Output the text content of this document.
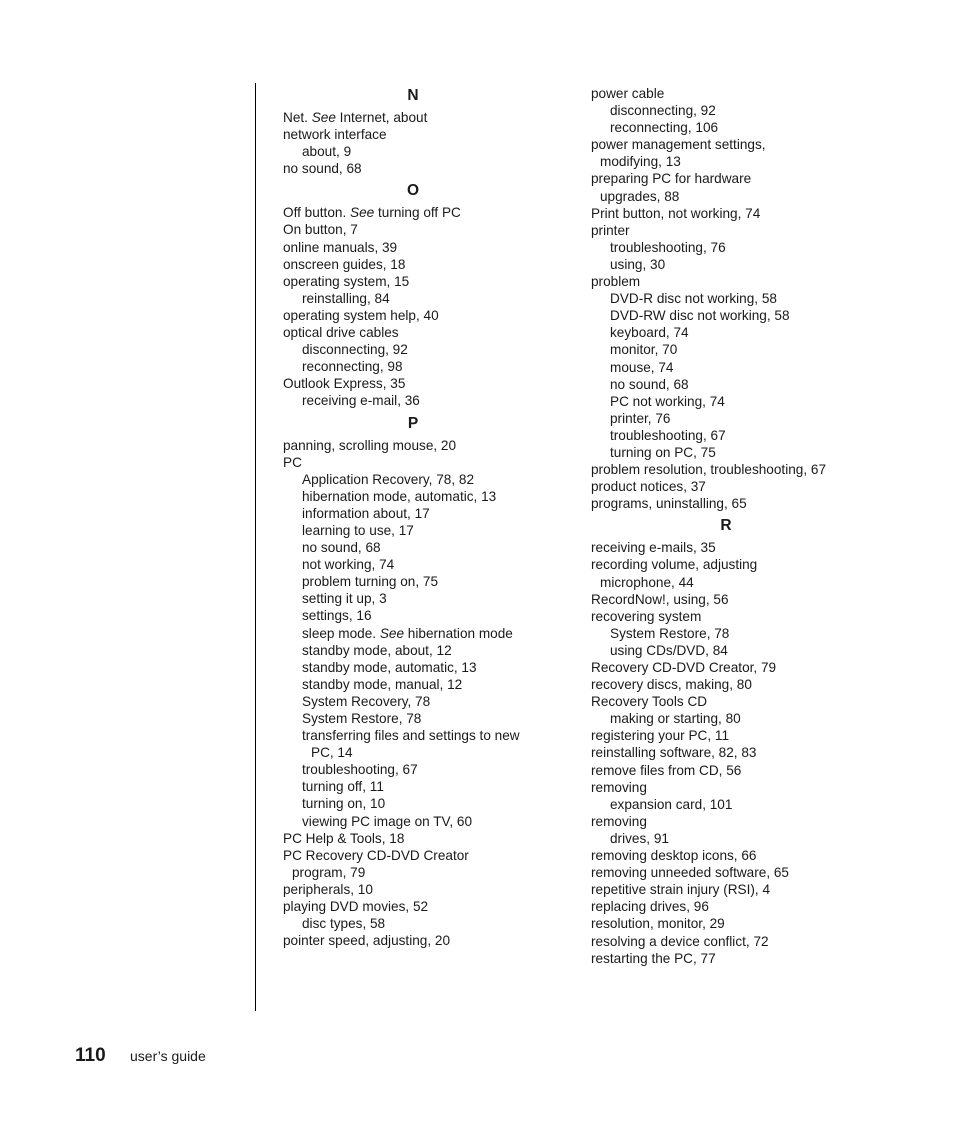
N
Net. See Internet, about
network interface
about, 9
no sound, 68
O
Off button. See turning off PC
On button, 7
online manuals, 39
onscreen guides, 18
operating system, 15
reinstalling, 84
operating system help, 40
optical drive cables
disconnecting, 92
reconnecting, 98
Outlook Express, 35
receiving e-mail, 36
P
panning, scrolling mouse, 20
PC
Application Recovery, 78, 82
hibernation mode, automatic, 13
information about, 17
learning to use, 17
no sound, 68
not working, 74
problem turning on, 75
setting it up, 3
settings, 16
sleep mode. See hibernation mode
standby mode, about, 12
standby mode, automatic, 13
standby mode, manual, 12
System Recovery, 78
System Restore, 78
transferring files and settings to new
PC, 14
troubleshooting, 67
turning off, 11
turning on, 10
viewing PC image on TV, 60
PC Help & Tools, 18
PC Recovery CD-DVD Creator
program, 79
peripherals, 10
playing DVD movies, 52
disc types, 58
pointer speed, adjusting, 20
power cable
disconnecting, 92
reconnecting, 106
power management settings,
modifying, 13
preparing PC for hardware
upgrades, 88
Print button, not working, 74
printer
troubleshooting, 76
using, 30
problem
DVD-R disc not working, 58
DVD-RW disc not working, 58
keyboard, 74
monitor, 70
mouse, 74
no sound, 68
PC not working, 74
printer, 76
troubleshooting, 67
turning on PC, 75
problem resolution, troubleshooting, 67
product notices, 37
programs, uninstalling, 65
R
receiving e-mails, 35
recording volume, adjusting
microphone, 44
RecordNow!, using, 56
recovering system
System Restore, 78
using CDs/DVD, 84
Recovery CD-DVD Creator, 79
recovery discs, making, 80
Recovery Tools CD
making or starting, 80
registering your PC, 11
reinstalling software, 82, 83
remove files from CD, 56
removing
expansion card, 101
removing
drives, 91
removing desktop icons, 66
removing unneeded software, 65
repetitive strain injury (RSI), 4
replacing drives, 96
resolution, monitor, 29
resolving a device conflict, 72
restarting the PC, 77
110 user’s guide
